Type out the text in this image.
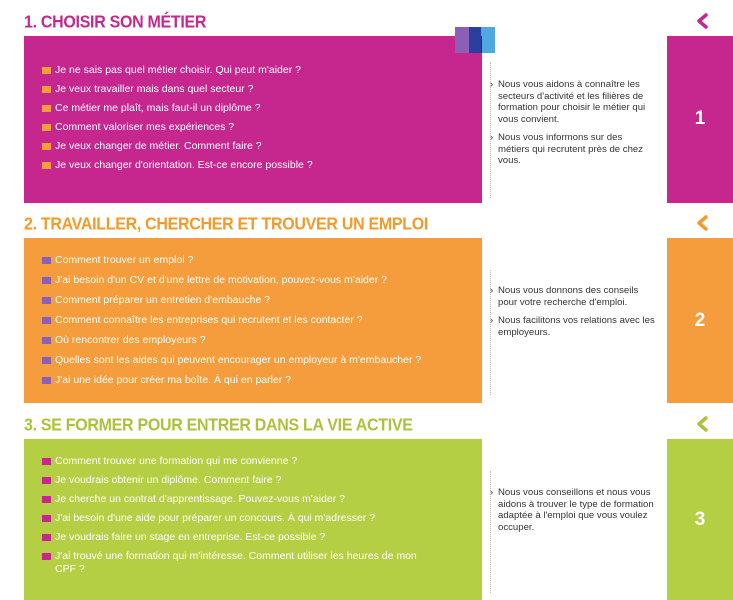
1. CHOISIR SON MÉTIER
Je ne sais pas quel métier choisir. Qui peut m'aider ?
Je veux travailler mais dans quel secteur ?
Ce métier me plaît, mais faut-il un diplôme ?
Comment valoriser mes expériences ?
Je veux changer de métier. Comment faire ?
Je veux changer d'orientation. Est-ce encore possible ?

› Nous vous aidons à connaître les secteurs d'activité et les filières de formation pour choisir le métier qui vous convient.

› Nous vous informons sur des métiers qui recrutent près de chez vous.

1
2. TRAVAILLER, CHERCHER ET TROUVER UN EMPLOI
Comment trouver un emploi ?
J'ai besoin d'un CV et d'une lettre de motivation, pouvez-vous m'aider ?
Comment préparer un entretien d'embauche ?
Comment connaître les entreprises qui recrutent et les contacter ?
Où rencontrer des employeurs ?
Quelles sont les aides qui peuvent encourager un employeur à m'embaucher ?
J'ai une idée pour créer ma boîte. À qui en parler ?

› Nous vous donnons des conseils pour votre recherche d'emploi.

› Nous facilitons vos relations avec les employeurs.

2
3. SE FORMER POUR ENTRER DANS LA VIE ACTIVE
Comment trouver une formation qui me convienne ?
Je voudrais obtenir un diplôme. Comment faire ?
Je cherche un contrat d'apprentissage. Pouvez-vous m'aider ?
J'ai besoin d'une aide pour préparer un concours. À qui m'adresser ?
Je voudrais faire un stage en entreprise. Est-ce possible ?
J'ai trouvé une formation qui m'intéresse. Comment utiliser les heures de mon CPF ?

› Nous vous conseillons et nous vous aidons à trouver le type de formation adaptée à l'emploi que vous voulez occuper.	3
